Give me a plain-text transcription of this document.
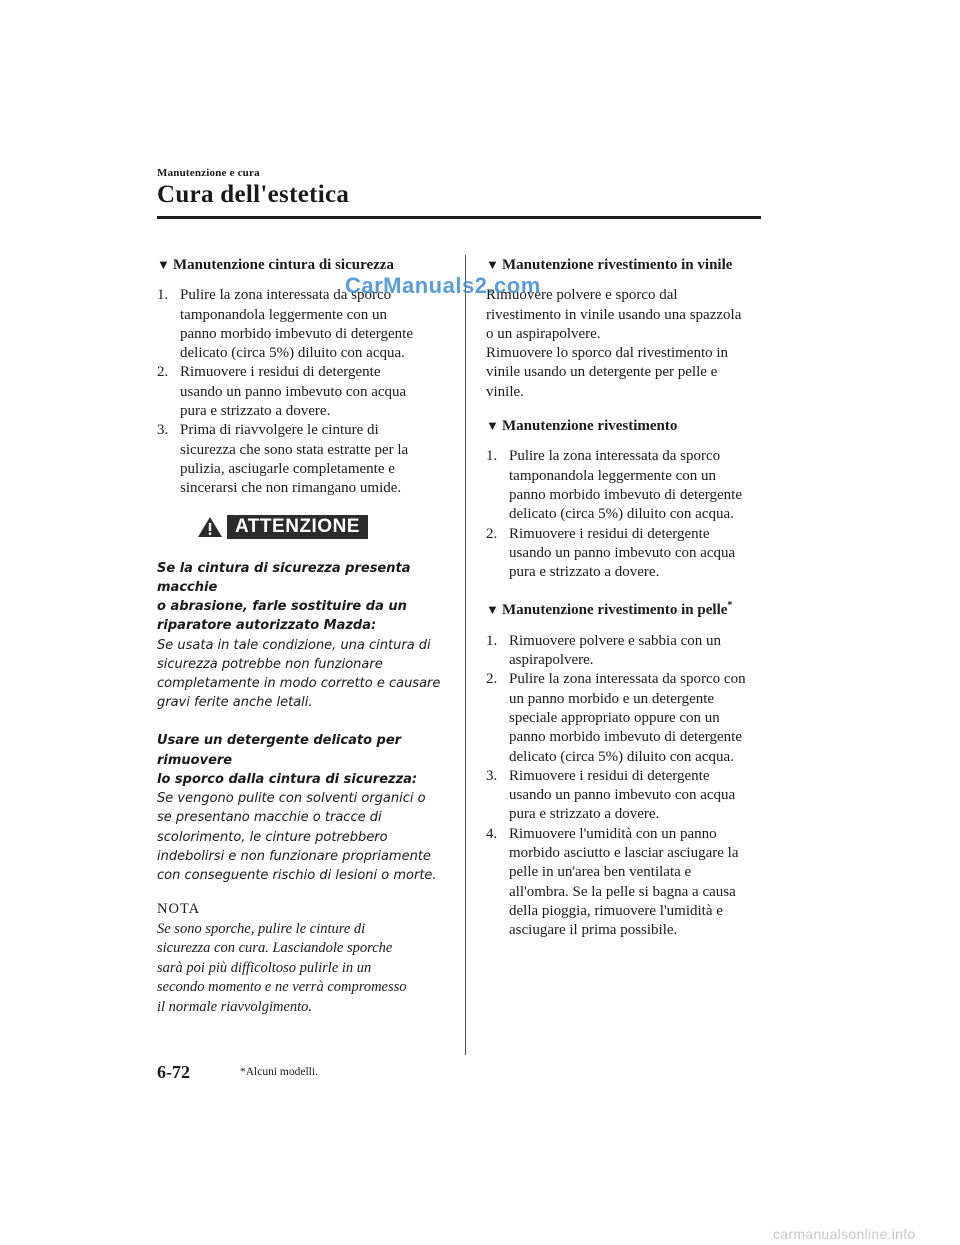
Manutenzione e cura
Cura dell'estetica
▼ Manutenzione cintura di sicurezza
1. Pulire la zona interessata da sporco
tamponandola leggermente con un
panno morbido imbevuto di detergente
delicato (circa 5%) diluito con acqua.
2. Rimuovere i residui di detergente
usando un panno imbevuto con acqua
pura e strizzato a dovere.
3. Prima di riavvolgere le cinture di
sicurezza che sono stata estratte per la
pulizia, asciugarle completamente e
sincerarsi che non rimangano umide.
ATTENZIONE

Se la cintura di sicurezza presenta macchie
o abrasione, farle sostituire da un
riparatore autorizzato Mazda:

Se usata in tale condizione, una cintura di
sicurezza potrebbe non funzionare
completamente in modo corretto e causare
gravi ferite anche letali.

Usare un detergente delicato per rimuovere
lo sporco dalla cintura di sicurezza:

Se vengono pulite con solventi organici o
se presentano macchie o tracce di
scolorimento, le cinture potrebbero
indebolirsi e non funzionare propriamente
con conseguente rischio di lesioni o morte.

NOTA
Se sono sporche, pulire le cinture di
sicurezza con cura. Lasciandole sporche
sarà poi più difficoltoso pulirle in un
secondo momento e ne verrà compromesso
il normale riavvolgimento.
▼ Manutenzione rivestimento in vinile

Rimuovere polvere e sporco dal
rivestimento in vinile usando una spazzola
o un aspirapolvere.
Rimuovere lo sporco dal rivestimento in
vinile usando un detergente per pelle e
vinile.

▼ Manutenzione rivestimento
1. Pulire la zona interessata da sporco
tamponandola leggermente con un
panno morbido imbevuto di detergente
delicato (circa 5%) diluito con acqua.
2. Rimuovere i residui di detergente
usando un panno imbevuto con acqua
pura e strizzato a dovere.
▼ Manutenzione rivestimento in pelle*
1. Rimuovere polvere e sabbia con un
aspirapolvere.
2. Pulire la zona interessata da sporco con
un panno morbido e un detergente
speciale appropriato oppure con un
panno morbido imbevuto di detergente
delicato (circa 5%) diluito con acqua.
3. Rimuovere i residui di detergente
usando un panno imbevuto con acqua
pura e strizzato a dovere.
4. Rimuovere l'umidità con un panno
morbido asciutto e lasciar asciugare la
pelle in un'area ben ventilata e
all'ombra. Se la pelle si bagna a causa
della pioggia, rimuovere l'umidità e
asciugare il prima possibile.
CarManuals2.com
6-72	*Alcuni modelli.
carmanualsonline.info
